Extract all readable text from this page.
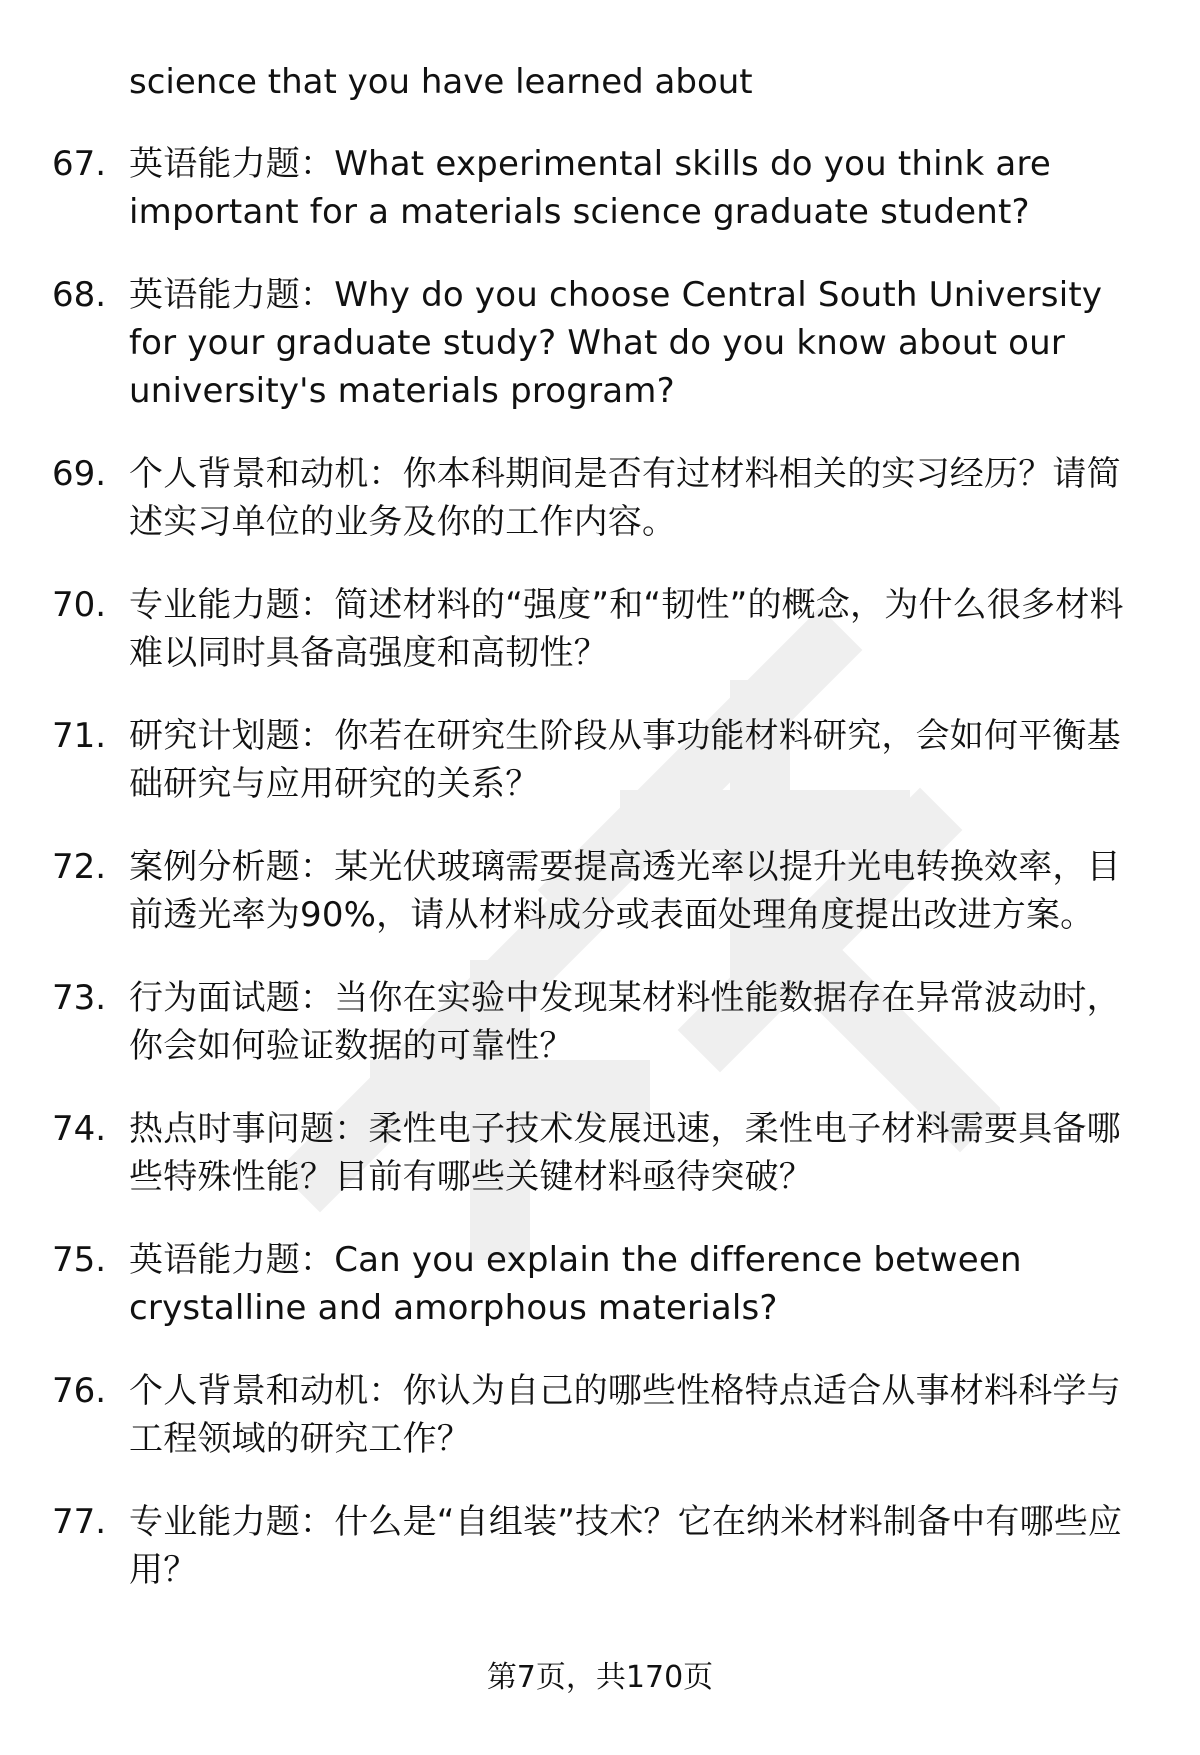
science that you have learned about
67. 英语能力题：What experimental skills do you think are important for a materials science graduate student?
68. 英语能力题：Why do you choose Central South University for your graduate study? What do you know about our university's materials program?
69. 个人背景和动机：你本科期间是否有过材料相关的实习经历？请简述实习单位的业务及你的工作内容。
70. 专业能力题：简述材料的“强度”和“韧性”的概念，为什么很多材料难以同时具备高强度和高韧性？
71. 研究计划题：你若在研究生阶段从事功能材料研究，会如何平衡基础研究与应用研究的关系？
72. 案例分析题：某光伏玻璃需要提高透光率以提升光电转换效率，目前透光率为90%，请从材料成分或表面处理角度提出改进方案。
73. 行为面试题：当你在实验中发现某材料性能数据存在异常波动时，你会如何验证数据的可靠性？
74. 热点时事问题：柔性电子技术发展迅速，柔性电子材料需要具备哪些特殊性能？目前有哪些关键材料亟待突破？
75. 英语能力题：Can you explain the difference between crystalline and amorphous materials?
76. 个人背景和动机：你认为自己的哪些性格特点适合从事材料科学与工程领域的研究工作？
77. 专业能力题：什么是“自组装”技术？它在纳米材料制备中有哪些应用？
第7页，共170页
